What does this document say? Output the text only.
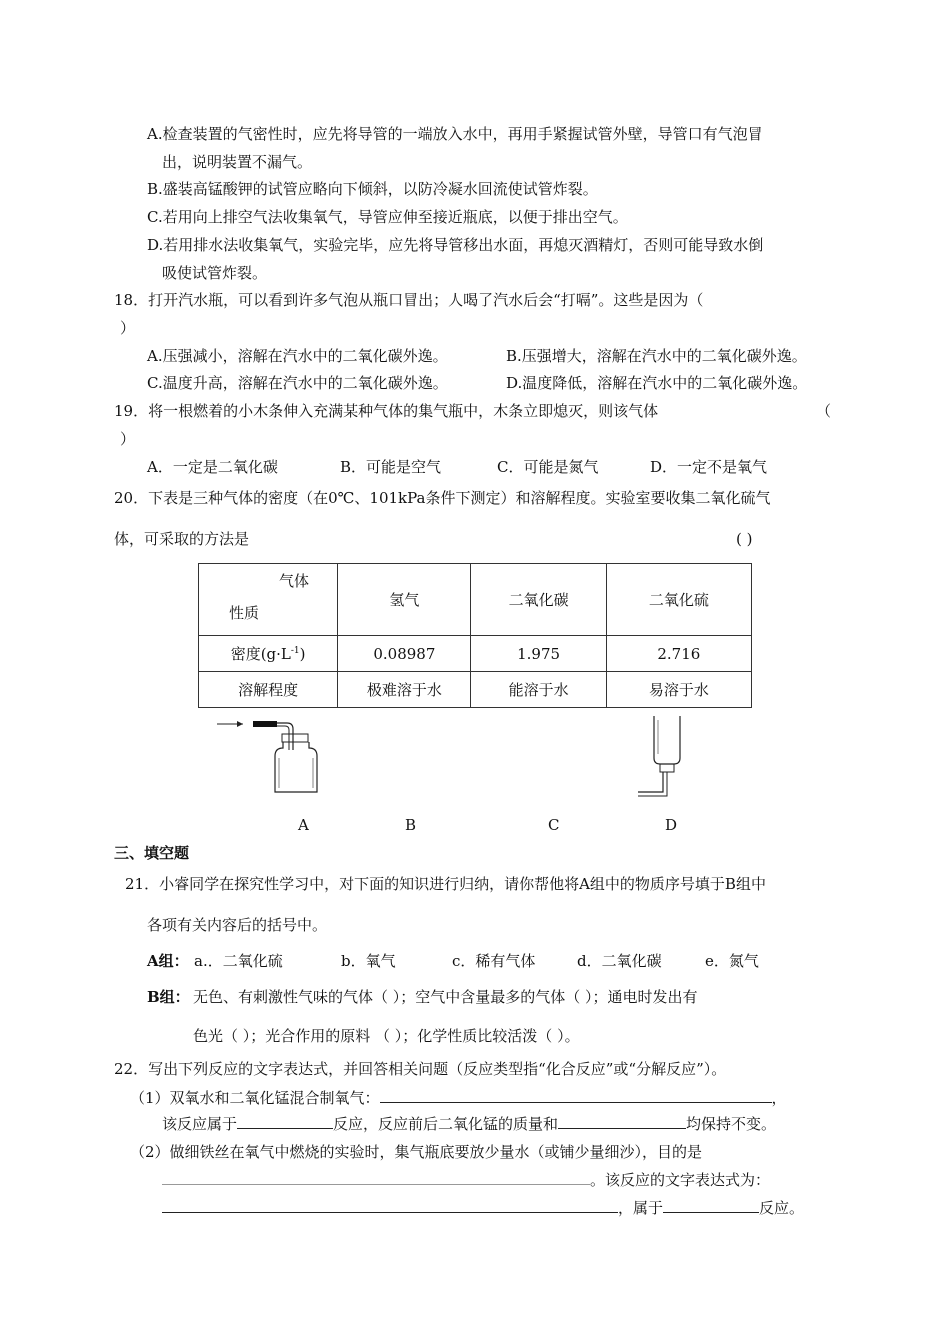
A.检查装置的气密性时，应先将导管的一端放入水中，再用手紧握试管外壁，导管口有气泡冒
出，说明装置不漏气。
B.盛装高锰酸钾的试管应略向下倾斜，以防冷凝水回流使试管炸裂。
C.若用向上排空气法收集氧气，导管应伸至接近瓶底，以便于排出空气。
D.若用排水法收集氧气，实验完毕，应先将导管移出水面，再熄灭酒精灯，否则可能导致水倒
吸使试管炸裂。
18．打开汽水瓶，可以看到许多气泡从瓶口冒出；人喝了汽水后会“打嗝”。这些是因为（
）
A.压强减小，溶解在汽水中的二氧化碳外逸。	B.压强增大，溶解在汽水中的二氧化碳外逸。
C.温度升高，溶解在汽水中的二氧化碳外逸。	D.温度降低，溶解在汽水中的二氧化碳外逸。
19．将一根燃着的小木条伸入充满某种气体的集气瓶中，木条立即熄灭，则该气体	（
）
A．一定是二氧化碳	B．可能是空气	C．可能是氮气	D．一定不是氧气
20．下表是三种气体的密度（在0℃、101kPa条件下测定）和溶解程度。实验室要收集二氧化硫气
体，可采取的方法是	( )
气体
性质	氢气	二氧化碳	二氧化硫
密度$(g\cdot L^{-1})$	0.08987	1.975	2.716
溶解程度	极难溶于水	能溶于水	易溶于水
A	B	C	D
三、填空题
21．小睿同学在探究性学习中，对下面的知识进行归纳，请你帮他将A组中的物质序号填于B组中
各项有关内容后的括号中。
A组： a.．二氧化硫	b．氧气	c．稀有气体	d．二氧化碳	e．氮气
B组： 无色、有刺激性气味的气体（ ）；空气中含量最多的气体（ ）；通电时发出有
色光（ ）；光合作用的原料 （ ）；化学性质比较活泼（ ）。
22．写出下列反应的文字表达式，并回答相关问题（反应类型指“化合反应”或“分解反应”）。
（1）双氧水和二氧化锰混合制氧气：	，
该反应属于	反应，反应前后二氧化锰的质量和	均保持不变。
（2）做细铁丝在氧气中燃烧的实验时，集气瓶底要放少量水（或铺少量细沙），目的是
。该反应的文字表达式为：
，属于	反应。
